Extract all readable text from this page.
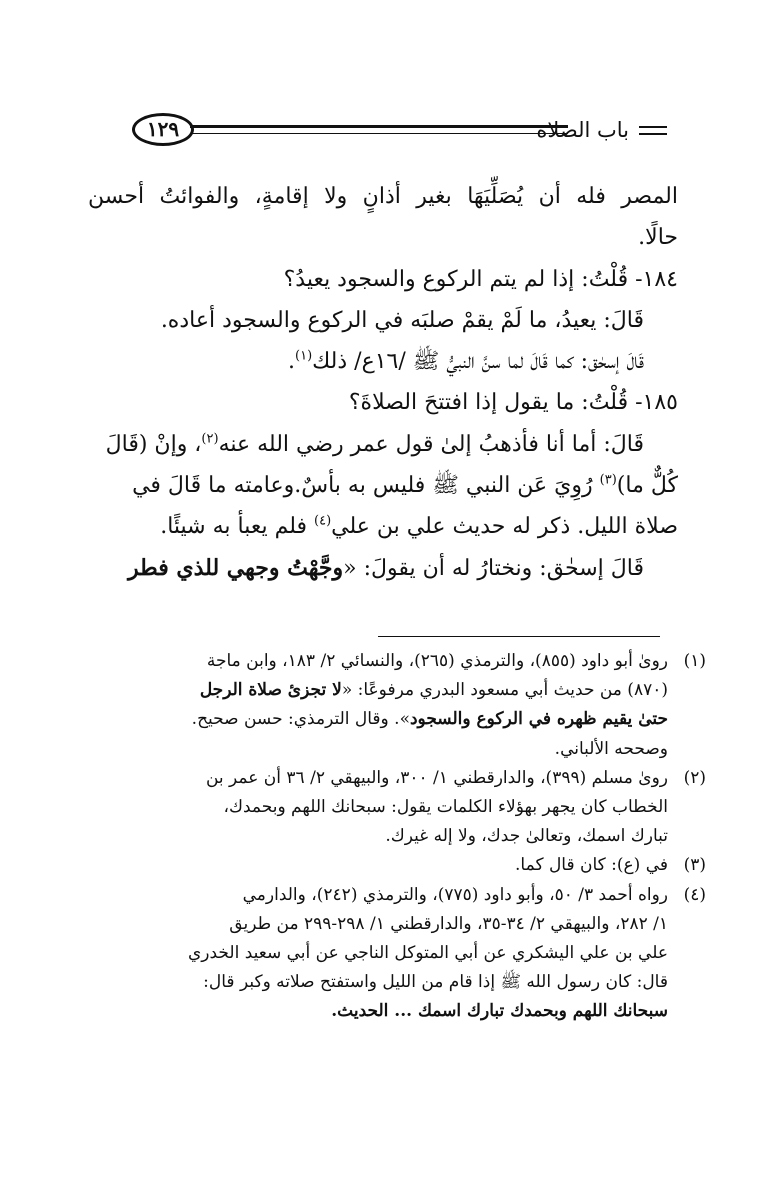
باب الصلاة
١٢٩
المصر فله أن يُصَلِّيَهَا بغير أذانٍ ولا إقامةٍ، والفوائتُ أحسن
حالًا.
١٨٤- قُلْتُ: إذا لم يتم الركوع والسجود يعيدُ؟
قَالَ: يعيدُ، ما لَمْ يقمْ صلبَه في الركوع والسجود أعاده.
قَالَ إسحٰق: كما قَالَ لما سنَّ النبيُّ ﷺ /١٦ع/ ذلك$^{(١)}$.
١٨٥- قُلْتُ: ما يقول إذا افتتحَ الصلاةَ؟
قَالَ: أما أنا فأذهبُ إلىٰ قول عمر رضي الله عنه$^{(٢)}$، وإنْ (قَالَ
كُلٌّ ما)$^{(٣)}$ رُوِيَ عَن النبي ﷺ فليس به بأسٌ.وعامته ما قَالَ في
صلاة الليل. ذكر له حديث علي بن علي$^{(٤)}$ فلم يعبأ به شيئًا.
قَالَ إسحٰق: ونختارُ له أن يقولَ: «وجَّهْتُ وجهي للذي فطر
(١)روىٰ أبو داود (٨٥٥)، والترمذي (٢٦٥)، والنسائي ٢/ ١٨٣، وابن ماجة
(٨٧٠) من حديث أبي مسعود البدري مرفوعًا: «لا تجزئ صلاة الرجل
حتىٰ يقيم ظهره في الركوع والسجود». وقال الترمذي: حسن صحيح.
وصححه الألباني.
(٢)روىٰ مسلم (٣٩٩)، والدارقطني ١/ ٣٠٠، والبيهقي ٢/ ٣٦ أن عمر بن
الخطاب كان يجهر بهؤلاء الكلمات يقول: سبحانك اللهم وبحمدك،
تبارك اسمك، وتعالىٰ جدك، ولا إله غيرك.
(٣)في (ع): كان قال كما.
(٤)رواه أحمد ٣/ ٥٠، وأبو داود (٧٧٥)، والترمذي (٢٤٢)، والدارمي
١/ ٢٨٢، والبيهقي ٢/ ٣٤-٣٥، والدارقطني ١/ ٢٩٨-٢٩٩ من طريق
علي بن علي اليشكري عن أبي المتوكل الناجي عن أبي سعيد الخدري
قال: كان رسول الله ﷺ إذا قام من الليل واستفتح صلاته وكبر قال:
سبحانك اللهم وبحمدك تبارك اسمك ... الحديث.
